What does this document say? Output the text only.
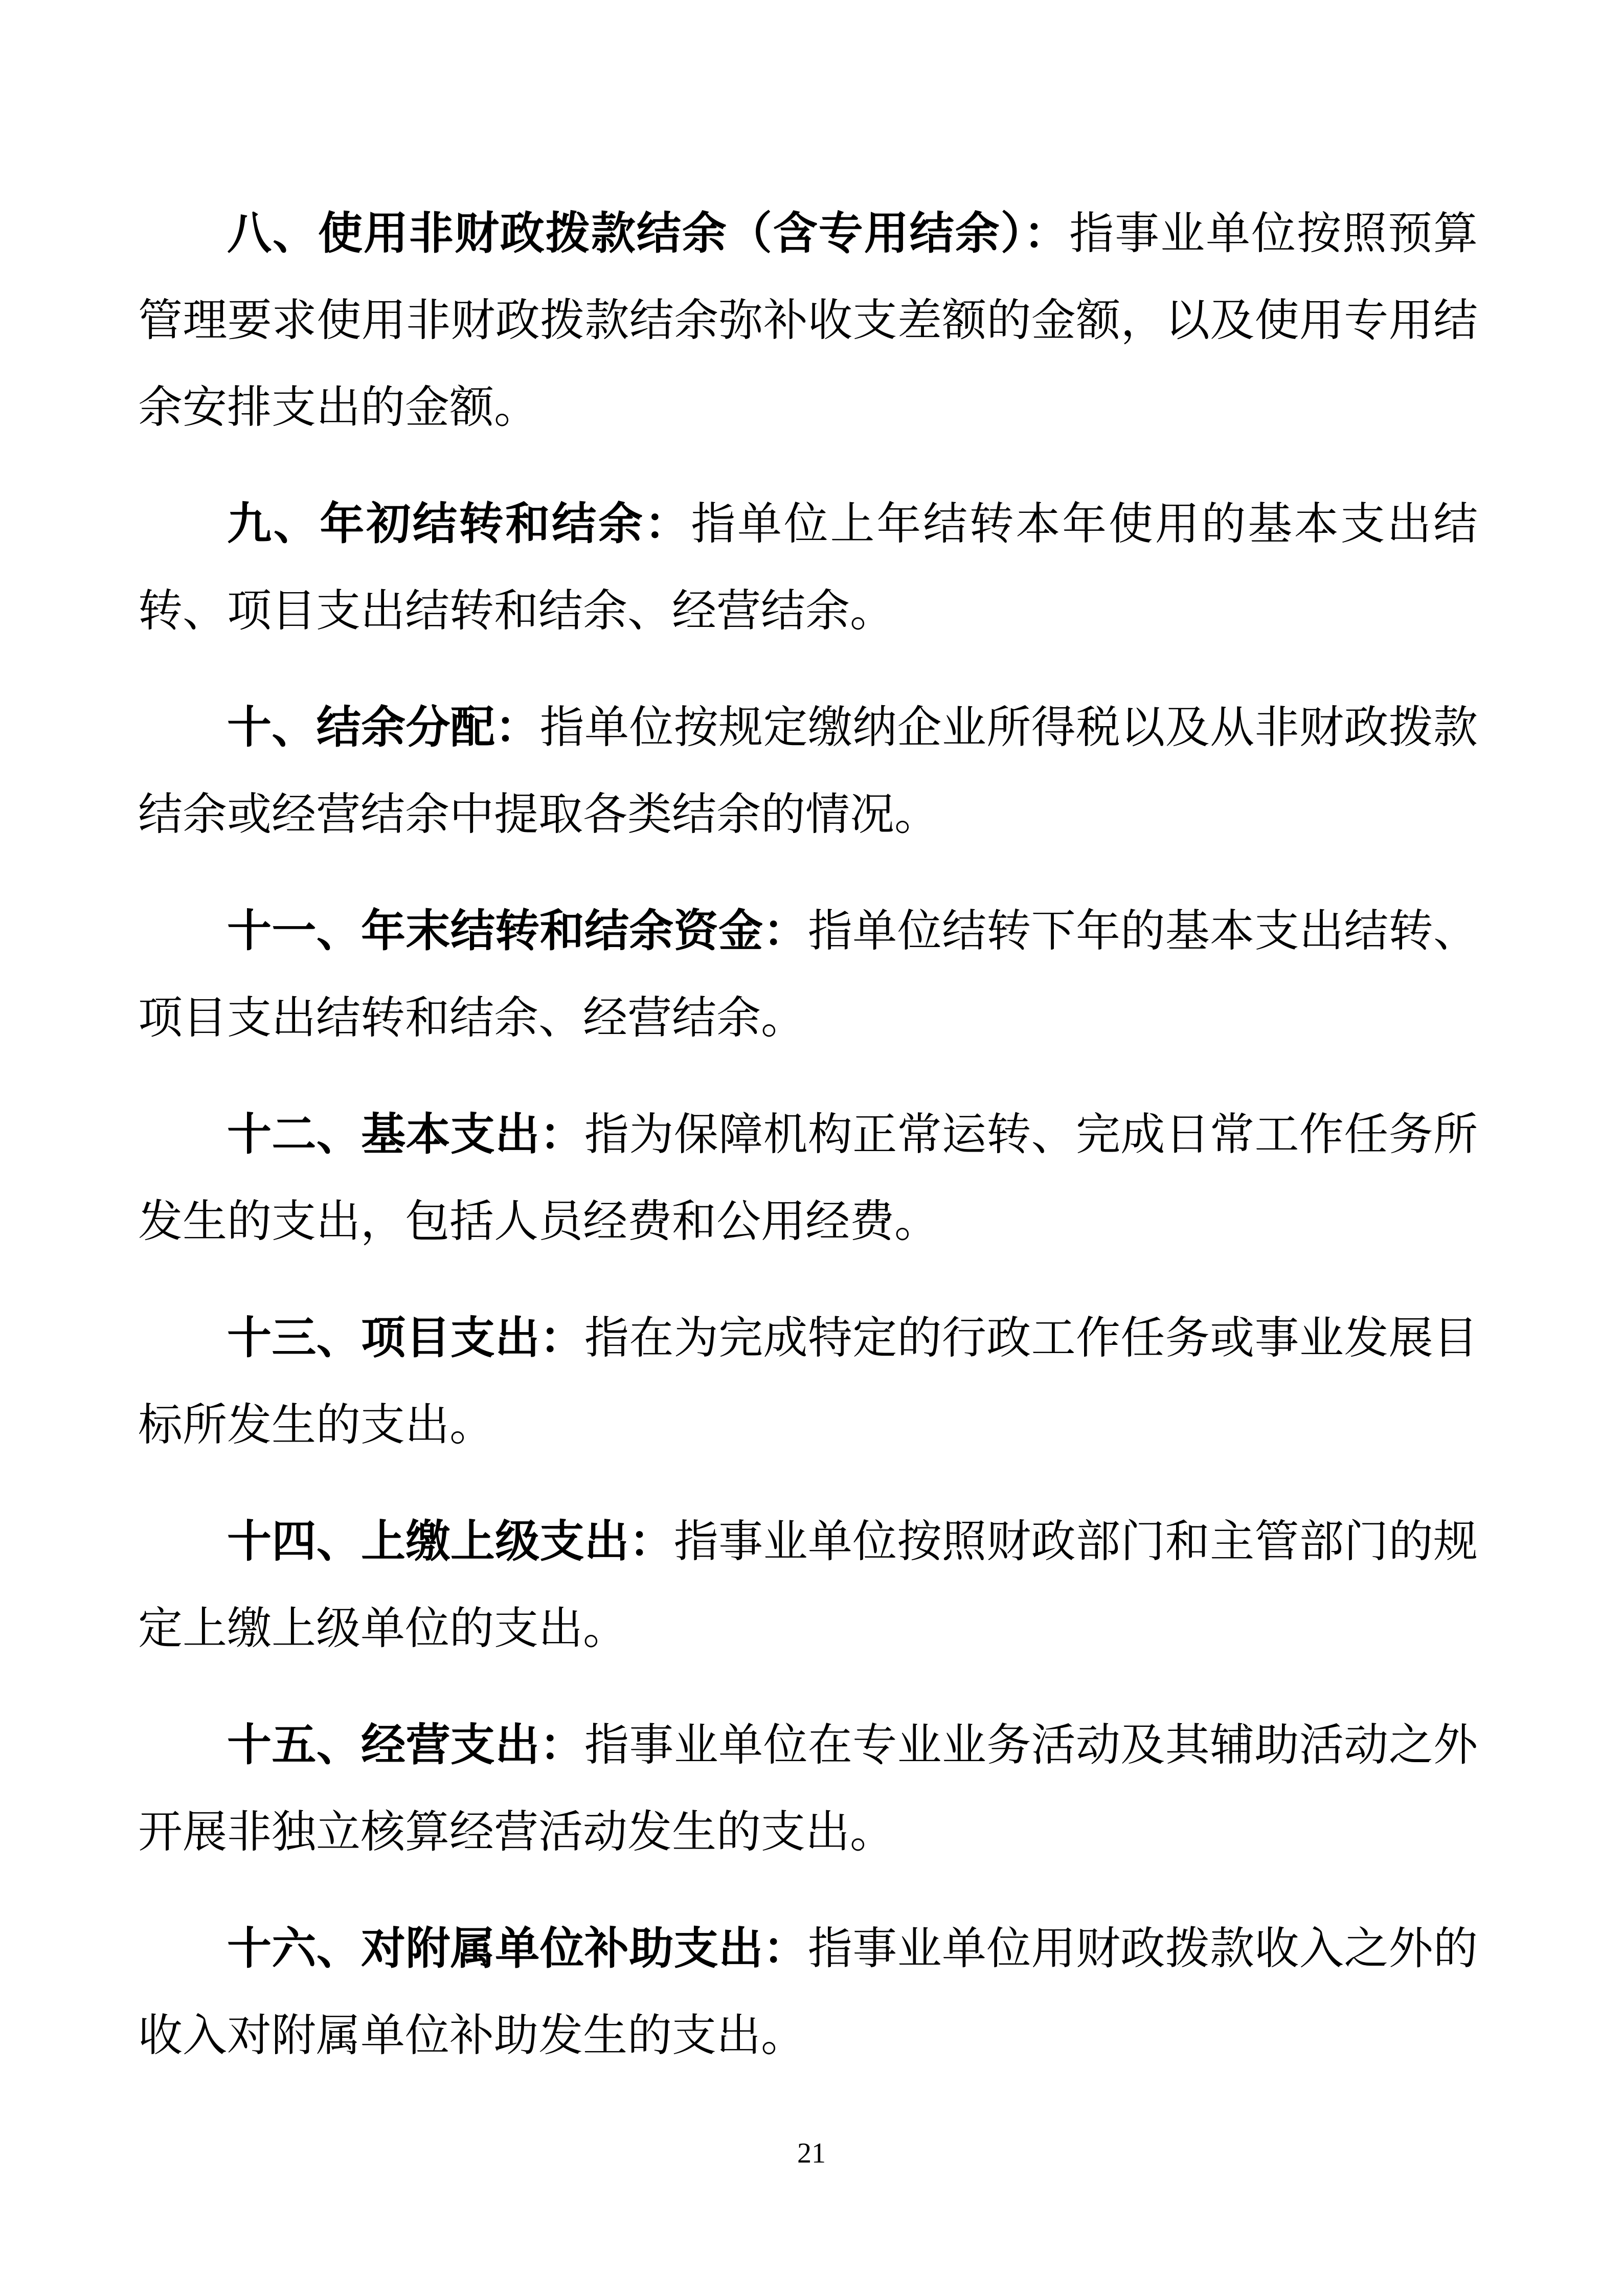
八、使用非财政拨款结余（含专用结余）：指事业单位按照预算管理要求使用非财政拨款结余弥补收支差额的金额，以及使用专用结余安排支出的金额。

九、年初结转和结余：指单位上年结转本年使用的基本支出结转、项目支出结转和结余、经营结余。

十、结余分配：指单位按规定缴纳企业所得税以及从非财政拨款结余或经营结余中提取各类结余的情况。

十一、年末结转和结余资金：指单位结转下年的基本支出结转、项目支出结转和结余、经营结余。

十二、基本支出：指为保障机构正常运转、完成日常工作任务所发生的支出，包括人员经费和公用经费。

十三、项目支出：指在为完成特定的行政工作任务或事业发展目标所发生的支出。

十四、上缴上级支出：指事业单位按照财政部门和主管部门的规定上缴上级单位的支出。

十五、经营支出：指事业单位在专业业务活动及其辅助活动之外开展非独立核算经营活动发生的支出。

十六、对附属单位补助支出：指事业单位用财政拨款收入之外的收入对附属单位补助发生的支出。

21
